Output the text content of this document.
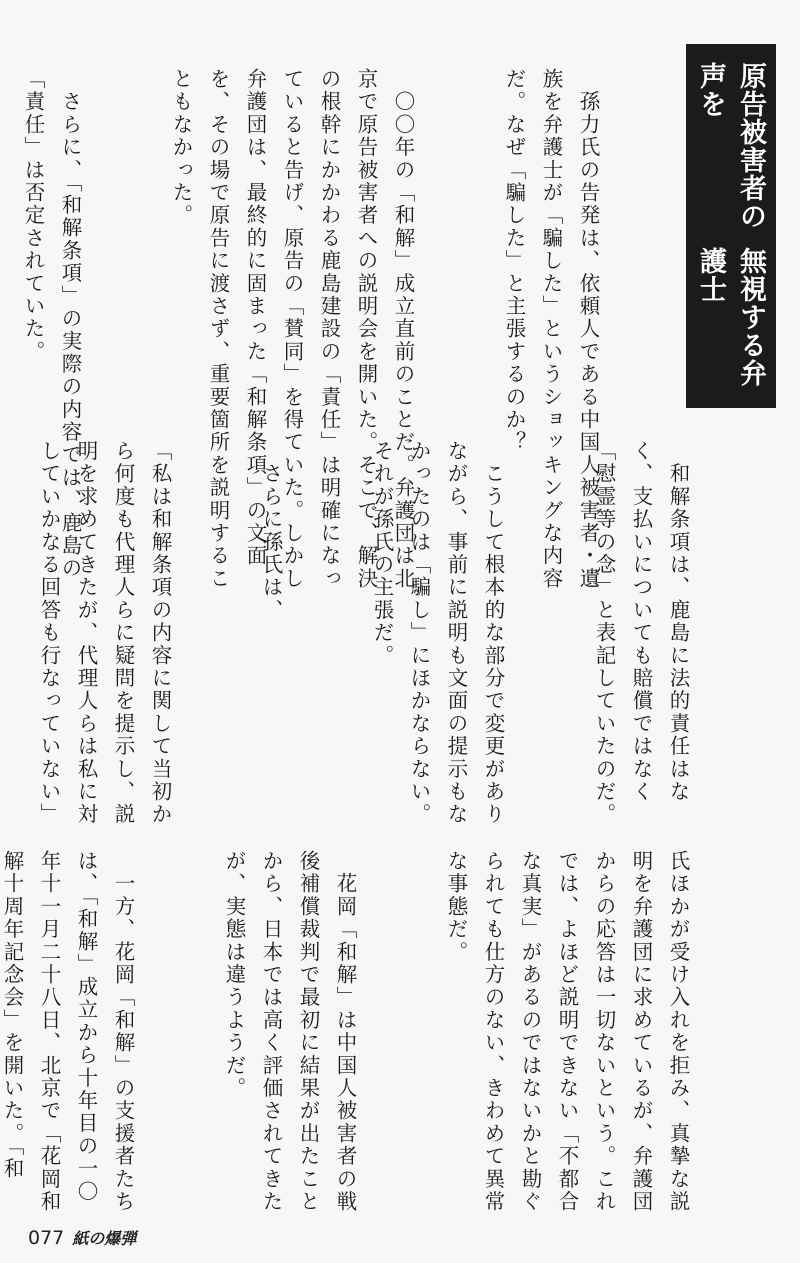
原告被害者の声を
無視する弁護士

　孫力氏の告発は、依頼人である中国人被害者・遺族を弁護士が「騙した」というショッキングな内容だ。なぜ「騙した」と主張するのか？

　〇〇年の「和解」成立直前のことだ。弁護団は北京で原告被害者への説明会を開いた。そこで、解決の根幹にかかわる鹿島建設の「責任」は明確になっていると告げ、原告の「賛同」を得ていた。しかし弁護団は、最終的に固まった「和解条項」の文面を、その場で原告に渡さず、重要箇所を説明することもなかった。

　さらに、「和解条項」の実際の内容では、鹿島の「責任」は否定されていた。

　和解条項は、鹿島に法的責任はなく、支払いについても賠償ではなく「慰霊等の念」と表記していたのだ。

　こうして根本的な部分で変更がありながら、事前に説明も文面の提示もなかったのは「騙し」にほかならない。それが孫氏の主張だ。

　さらに孫氏は、

「私は和解条項の内容に関して当初から何度も代理人らに疑問を提示し、説明を求めてきたが、代理人らは私に対していかなる回答も行なっていない」

氏ほかが受け入れを拒み、真摯な説明を弁護団に求めているが、弁護団からの応答は一切ないという。これでは、よほど説明できない「不都合な真実」があるのではないかと勘ぐられても仕方のない、きわめて異常な事態だ。

　花岡「和解」は中国人被害者の戦後補償裁判で最初に結果が出たことから、日本では高く評価されてきたが、実態は違うようだ。

　一方、花岡「和解」の支援者たちは、「和解」成立から十年目の一〇年十一月二十八日、北京で「花岡和解十周年記念会」を開いた。「和

077 紙の爆弾
